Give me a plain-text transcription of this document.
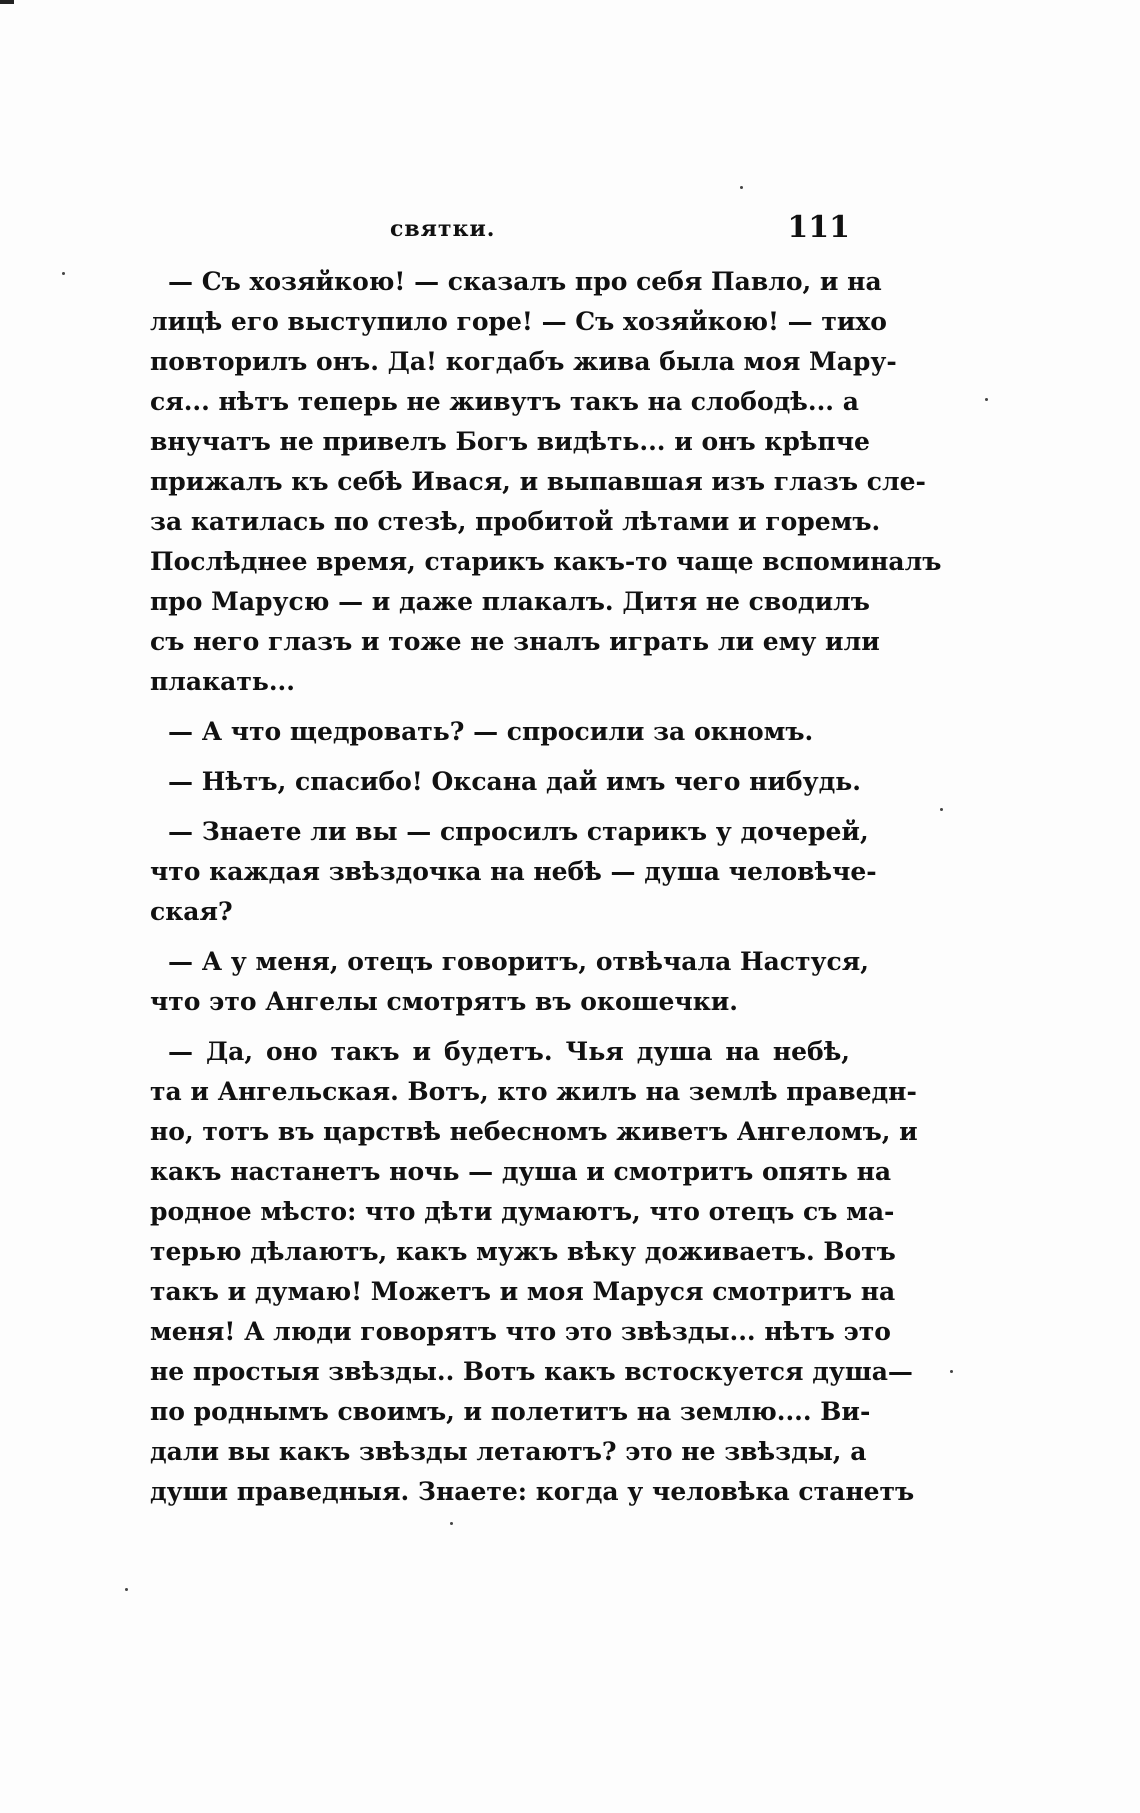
святки.	111
— Съ хозяйкою! — сказалъ про себя Павло, и на
лицѣ его выступило горе! — Съ хозяйкою! — тихо
повторилъ онъ. Да! когдабъ жива была моя Мару-
ся... нѣтъ теперь не живутъ такъ на слободѣ... а
внучатъ не привелъ Богъ видѣть... и онъ крѣпче
прижалъ къ себѣ Ивася, и выпавшая изъ глазъ сле-
за катилась по стезѣ, пробитой лѣтами и горемъ.
Послѣднее время, старикъ какъ-то чаще вспоминалъ
про Марусю — и даже плакалъ. Дитя не сводилъ
съ него глазъ и тоже не зналъ играть ли ему или
плакать...
— А что щедровать? — спросили за окномъ.
— Нѣтъ, спасибо! Оксана дай имъ чего нибудь.
— Знаете ли вы — спросилъ старикъ у дочерей,
что каждая звѣздочка на небѣ — душа человѣче-
ская?
— А у меня, отецъ говоритъ, отвѣчала Настуся,
что это Ангелы смотрятъ въ окошечки.
— Да, оно такъ и будетъ. Чья душа на небѣ,
та и Ангельская. Вотъ, кто жилъ на землѣ праведн-
но, тотъ въ царствѣ небесномъ живетъ Ангеломъ, и
какъ настанетъ ночь — душа и смотритъ опять на
родное мѣсто: что дѣти думаютъ, что отецъ съ ма-
терью дѣлаютъ, какъ мужъ вѣку доживаетъ. Вотъ
такъ и думаю! Можетъ и моя Маруся смотритъ на
меня! А люди говорятъ что это звѣзды... нѣтъ это
не простыя звѣзды.. Вотъ какъ встоскуется душа—
по роднымъ своимъ, и полетитъ на землю.... Ви-
дали вы какъ звѣзды летаютъ? это не звѣзды, а
души праведныя. Знаете: когда у человѣка станетъ
